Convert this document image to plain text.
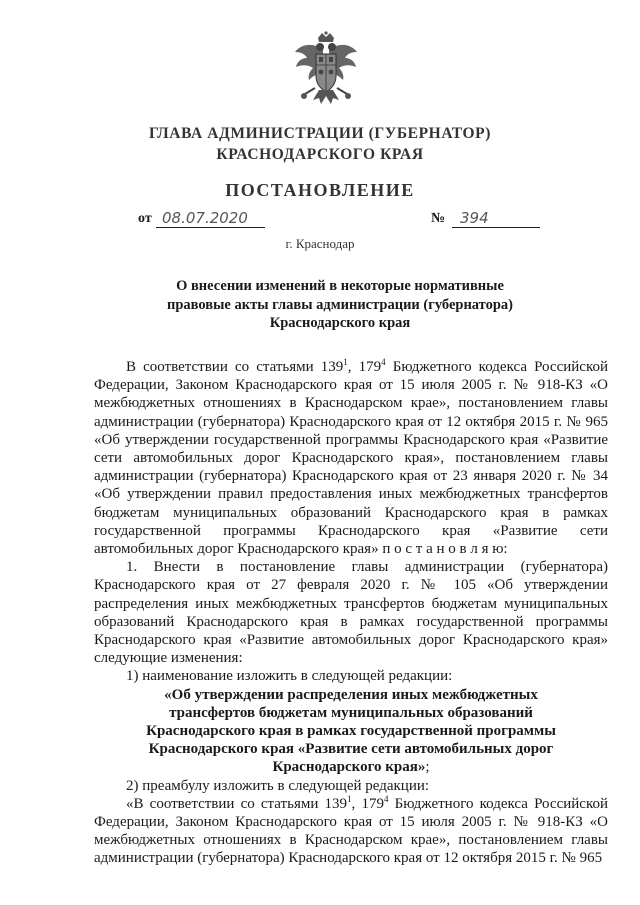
ГЛАВА АДМИНИСТРАЦИИ (ГУБЕРНАТОР)
КРАСНОДАРСКОГО КРАЯ
ПОСТАНОВЛЕНИЕ
от 08.07.2020	№ 394
г. Краснодар
О внесении изменений в некоторые нормативные
правовые акты главы администрации (губернатора)
Краснодарского края

В соответствии со статьями $139^1$, $179^4$ Бюджетного кодекса Российской Федерации, Законом Краснодарского края от 15 июля 2005 г. № 918-КЗ «О межбюджетных отношениях в Краснодарском крае», постановлением главы администрации (губернатора) Краснодарского края от 12 октября 2015 г. № 965 «Об утверждении государственной программы Краснодарского края «Развитие сети автомобильных дорог Краснодарского края», постановлением главы администрации (губернатора) Краснодарского края от 23 января 2020 г. № 34 «Об утверждении правил предоставления иных межбюджетных трансфертов бюджетам муниципальных образований Краснодарского края в рамках государственной программы Краснодарского края «Развитие сети автомобильных дорог Краснодарского края» п о с т а н о в л я ю:

1. Внести в постановление главы администрации (губернатора) Краснодарского края от 27 февраля 2020 г. № 105 «Об утверждении распределения иных межбюджетных трансфертов бюджетам муниципальных образований Краснодарского края в рамках государственной программы Краснодарского края «Развитие автомобильных дорог Краснодарского края» следующие изменения:

1) наименование изложить в следующей редакции:

«Об утверждении распределения иных межбюджетных

трансфертов бюджетам муниципальных образований

Краснодарского края в рамках государственной программы

Краснодарского края «Развитие сети автомобильных дорог

Краснодарского края»;

2) преамбулу изложить в следующей редакции:

«В соответствии со статьями $139^1$, $179^4$ Бюджетного кодекса Российской Федерации, Законом Краснодарского края от 15 июля 2005 г. № 918-КЗ «О межбюджетных отношениях в Краснодарском крае», постановлением главы администрации (губернатора) Краснодарского края от 12 октября 2015 г. № 965
